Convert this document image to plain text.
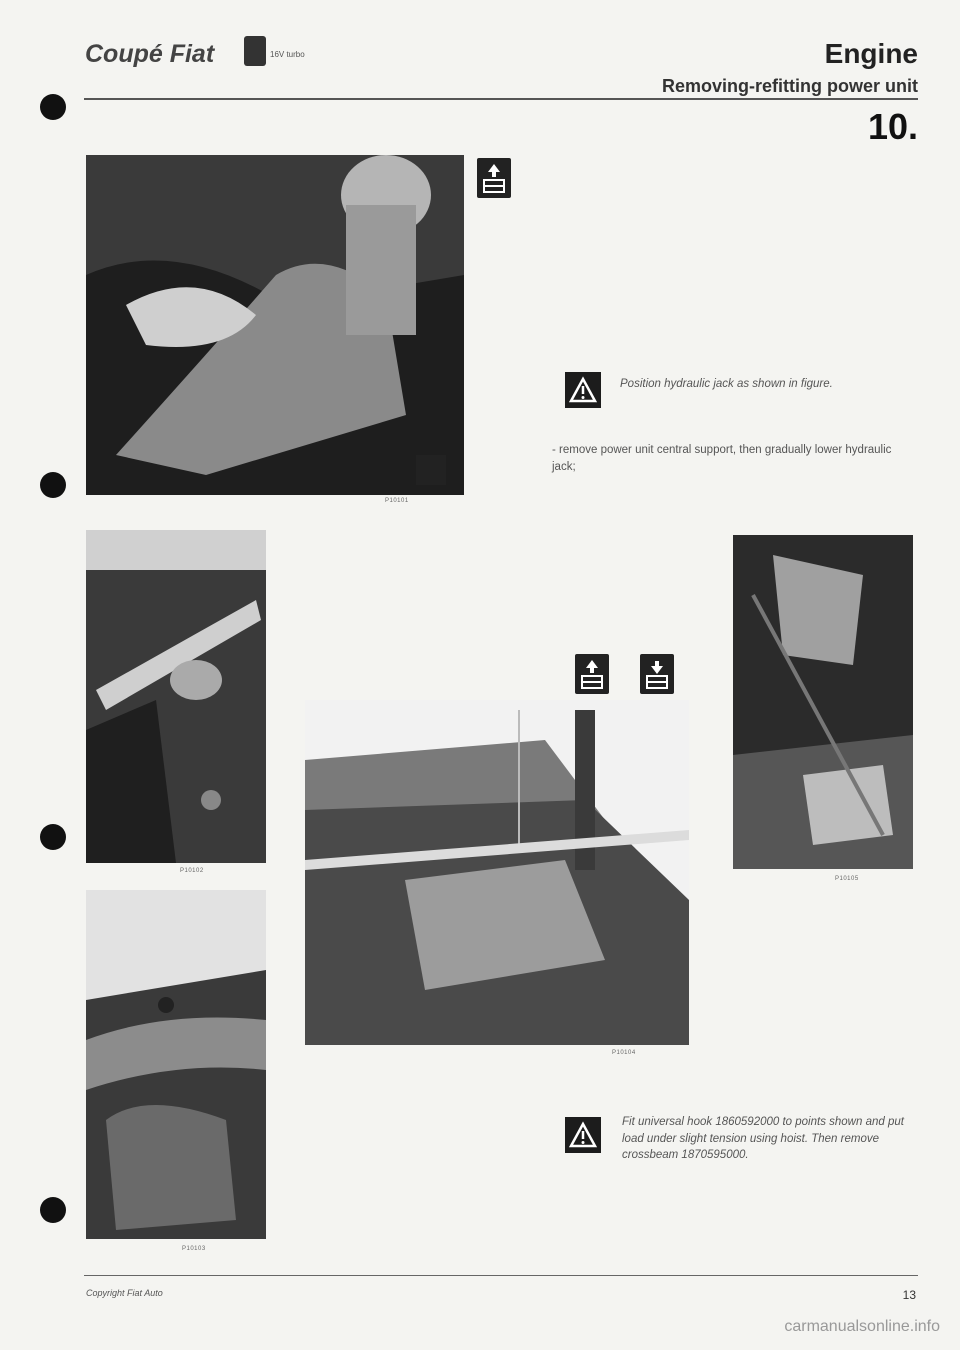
Coupé Fiat	16V turbo	Engine
Removing-refitting power unit
10.
P10101
Position hydraulic jack as shown in figure.
- remove power unit central support, then gradually lower hydraulic jack;
P10102
P10103
P10104
P10105
Fit universal hook 1860592000 to points shown and put load under slight tension using hoist. Then remove crossbeam 1870595000.
Copyright Fiat Auto	13
carmanualsonline.info
